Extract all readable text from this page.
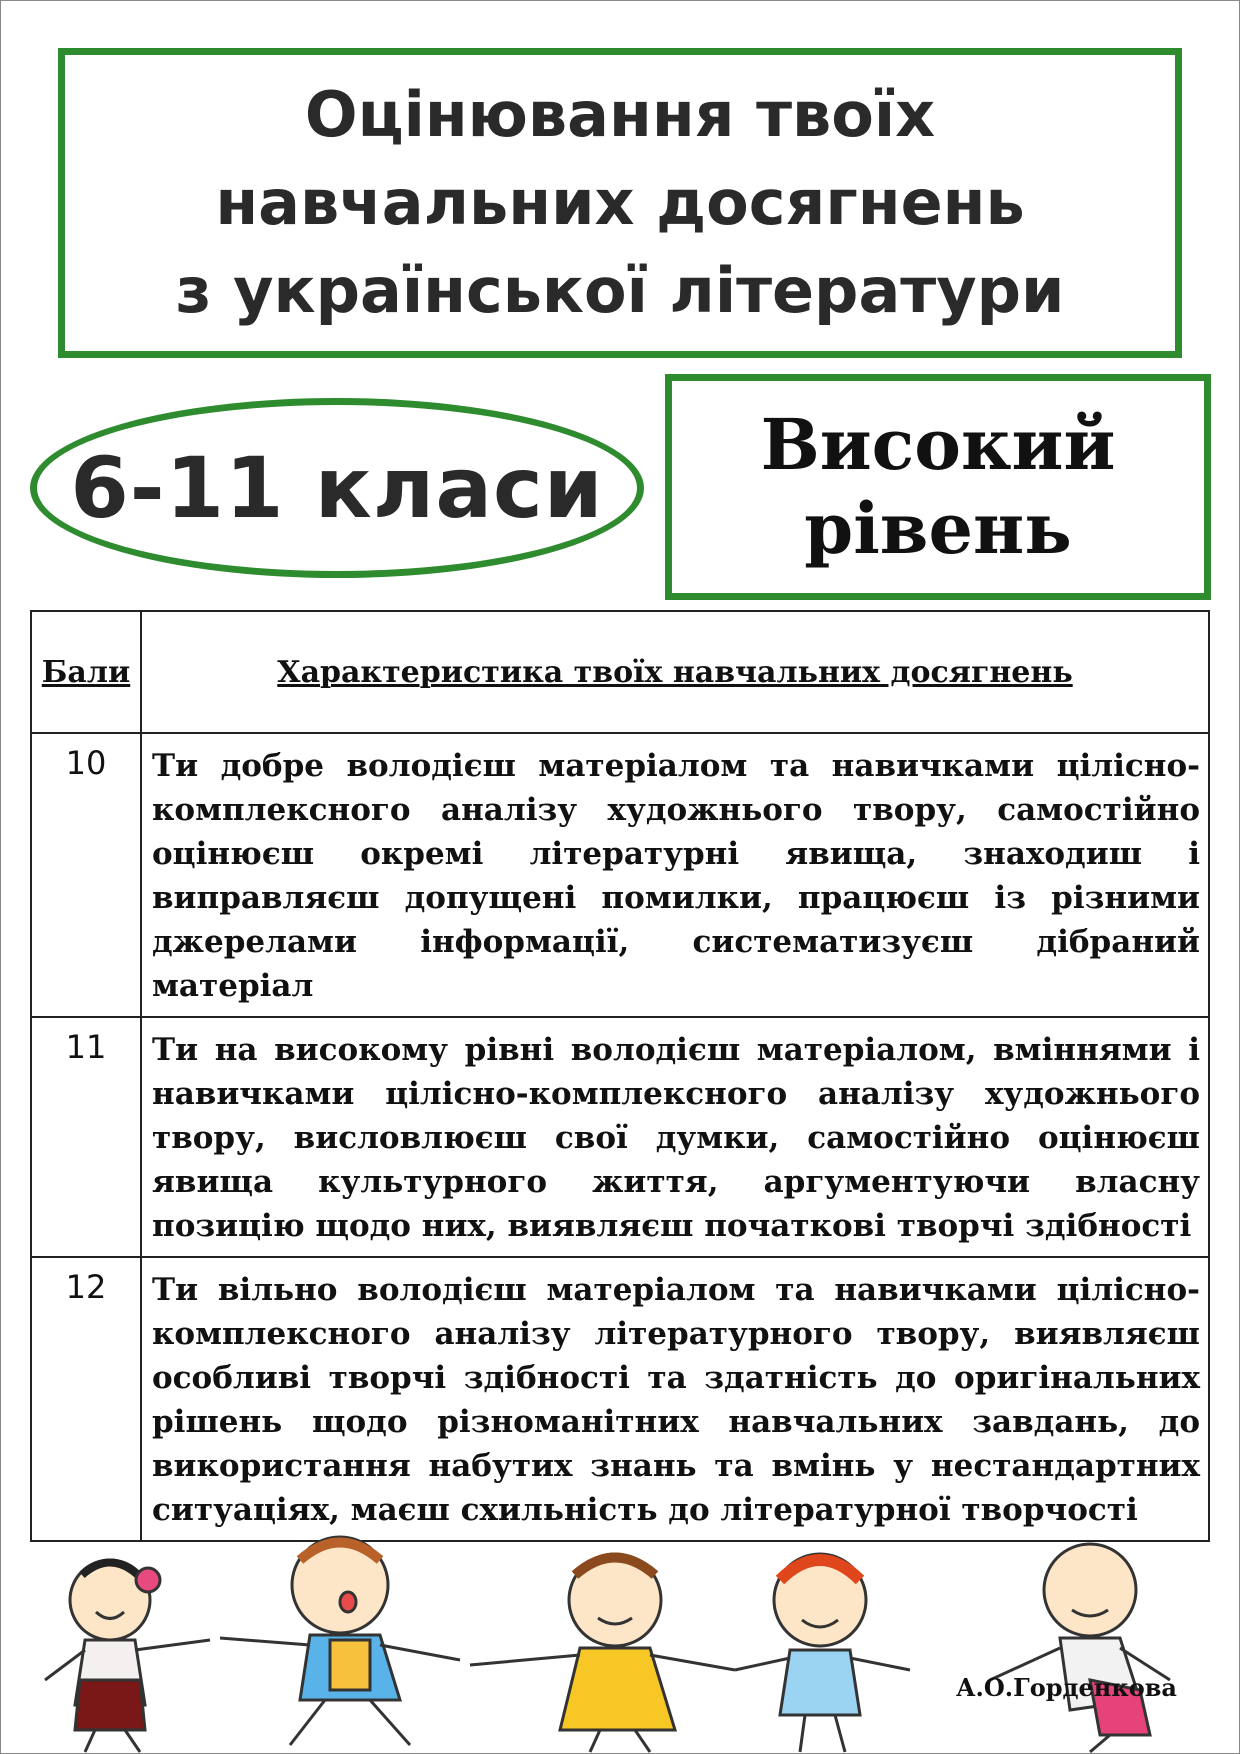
Оцінювання твоїх
навчальних досягнень
з української літератури
6-11 класи Високий
рівень
Бали	Характеристика твоїх навчальних досягнень
10	Ти добре володієш матеріалом та навичками цілісно-комплексного аналізу художнього твору, самостійно оцінюєш окремі літературні явища, знаходиш і виправляєш допущені помилки, працюєш із різними джерелами інформації, систематизуєш дібраний матеріал
11	Ти на високому рівні володієш матеріалом, вміннями і навичками цілісно-комплексного аналізу художнього твору, висловлюєш свої думки, самостійно оцінюєш явища культурного життя, аргументуючи власну позицію щодо них, виявляєш початкові творчі здібності
12	Ти вільно володієш матеріалом та навичками цілісно-комплексного аналізу літературного твору, виявляєш особливі творчі здібності та здатність до оригінальних рішень щодо різноманітних навчальних завдань, до використання набутих знань та вмінь у нестандартних ситуаціях, маєш схильність до літературної творчості
А.О.Горденкова
